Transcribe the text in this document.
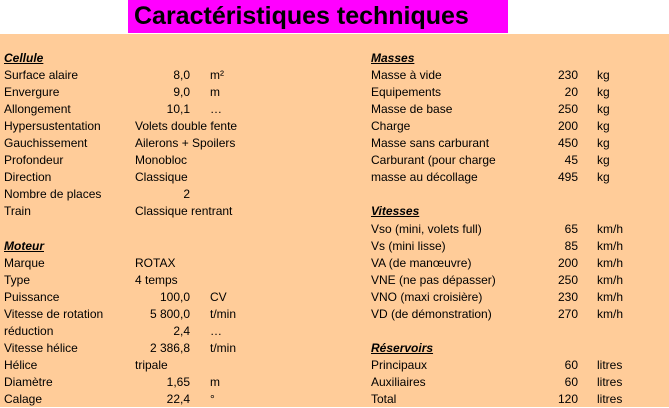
Caractéristiques techniques
Cellule
Surface alaire	8,0 m²
Envergure	9,0 m
Allongement	10,1 …
Hypersustentation	Volets double fente
Gauchissement	Ailerons + Spoilers
Profondeur	Monobloc
Direction	Classique
Nombre de places	2
Train	Classique rentrant
Moteur
Marque	ROTAX
Type	4 temps
Puissance	100,0 CV
Vitesse de rotation	5 800,0 t/min
réduction	2,4 …
Vitesse hélice	2 386,8 t/min
Hélice	tripale
Diamètre	1,65 m
Calage	22,4 °
Masses
Masse à vide	230 kg
Equipements	20 kg
Masse de base	250 kg
Charge	200 kg
Masse sans carburant	450 kg
Carburant (pour charge	45 kg
masse au décollage	495 kg
Vitesses
Vso (mini, volets full)	65 km/h
Vs (mini lisse)	85 km/h
VA (de manœuvre)	200 km/h
VNE (ne pas dépasser)	250 km/h
VNO (maxi croisière)	230 km/h
VD (de démonstration)	270 km/h
Réservoirs
Principaux	60 litres
Auxiliaires	60 litres
Total	120 litres
